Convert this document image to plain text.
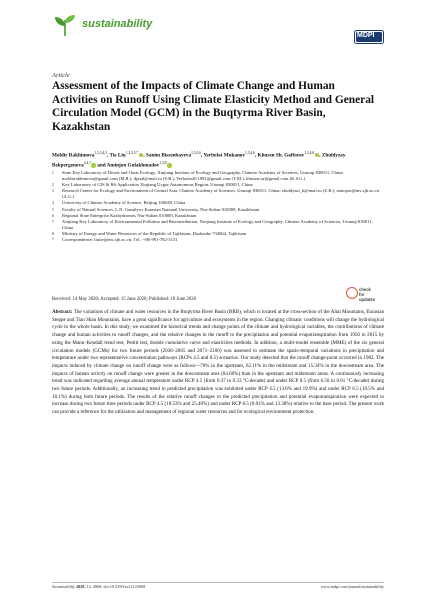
sustainability
MDPI
Article
Assessment of the Impacts of Climate Change and Human Activities on Runoff Using Climate Elasticity Method and General Circulation Model (GCM) in the Buqtyrma River Basin, Kazakhstan
Moldir Rakhimova$^{1,2,3,4,5}$, Tie Liu$^{1,2,3,5,*}$ , Sanim Bissenbayeva$^{1,3,5,6}$, Yerbolat Mukanov$^{1,3,4,6}$, Khusen Sh. Gafforov$^{1,3,4,8}$ , Zhuldyzay Bekpergenova$^{3,4,7}$ and Aminjon Gulakhmadov$^{1,3,8}$
1 State Key Laboratory of Desert and Oasis Ecology, Xinjiang Institute of Ecology and Geography, Chinese Academy of Sciences, Urumqi 830011, China; moldirrakhimova@gmail.com (M.R.); djasal@mail.ru (S.B.); Yerbolat20.1981@gmail.com (Y.M.); khusen.uz@gmail.com (K.S.G.)
2 Key Laboratory of GIS & RS Application Xinjiang Uygur Autonomous Region, Urumqi 830011, China
3 Research Center for Ecology and Environment of Central Asia, Chinese Academy of Sciences, Urumqi 830011, China; zhuldyzai_b@mail.ru (Z.B.); aminjon@ms.xjb.ac.cn (A.G.)
4 University of Chinese Academy of Science, Beijing 100049, China
5 Faculty of Natural Sciences, L.N. Gumilyov Eurasian National University, Nur-Sultan 010008, Kazakhstan
6 Regional State Enterprise Kazhydromet, Nur-Sultan 010000, Kazakhstan
7 Xinjiang Key Laboratory of Environmental Pollution and Bioremediation, Xinjiang Institute of Ecology and Geography, Chinese Academy of Sciences, Urumqi 830011, China
8 Ministry of Energy and Water Resources of the Republic of Tajikistan, Dushanbe 734064, Tajikistan
* Correspondence: liutie@ms.xjb.ac.cn; Tel.: +86-991-782-3131
check for
updates
Received: 14 May 2020; Accepted: 15 June 2020; Published: 18 June 2020
Abstract: The variations of climate and water resources in the Buqtyrma River Basin (BRB), which is located at the cross-section of the Altai Mountains, Eurasian Steppe and Tian Shan Mountains, have a great significance for agriculture and ecosystems in the region. Changing climatic conditions will change the hydrological cycle in the whole basin. In this study, we examined the historical trends and change points of the climate and hydrological variables, the contributions of climate change and human activities to runoff changes, and the relative changes in the runoff to the precipitation and potential evapotranspiration from 1950 to 2015 by using the Mann–Kendall trend test, Pettitt test, double cumulative curve and elasticities methods. In addition, a multi-model ensemble (MME) of the six general circulation models (GCMs) for two future periods (2036–2065 and 2071–2100) was assessed to estimate the spatio-temporal variations in precipitation and temperature under two representative concentration pathways (RCPs 4.5 and 8.5) scenarios. Our study detected that the runoff change-point occurred in 1982. The impacts induced by climate change on runoff change were as follows—70% in the upstream, 62.11% in the midstream and 15.34% in the downstream area. The impacts of human activity on runoff change were greater in the downstream area (84.66%) than in the upstream and midstream areas. A continuously increasing trend was indicated regarding average annual temperature under RCP 4.5 (from 0.37 to 0.33 °C/decade) and under RCP 8.5 (from 0.50 to 0.61 °C/decade) during two future periods. Additionally, an increasing trend in predicted precipitation was exhibited under RCP 4.5 (13.6% and 19.9%) and under RCP 8.5 (10.5% and 18.1%) during both future periods. The results of the relative runoff changes to the predicted precipitation and potential evapotranspiration were expected to increase during two future time periods under RCP 4.5 (18.53% and 25.40%) and under RCP 8.5 (8.91% and 13.38%) relative to the base period. The present work can provide a reference for the utilization and management of regional water resources and for ecological environment protection.
Sustainability 2020, 12, 4968; doi:10.3390/su12124968	www.mdpi.com/journal/sustainability
